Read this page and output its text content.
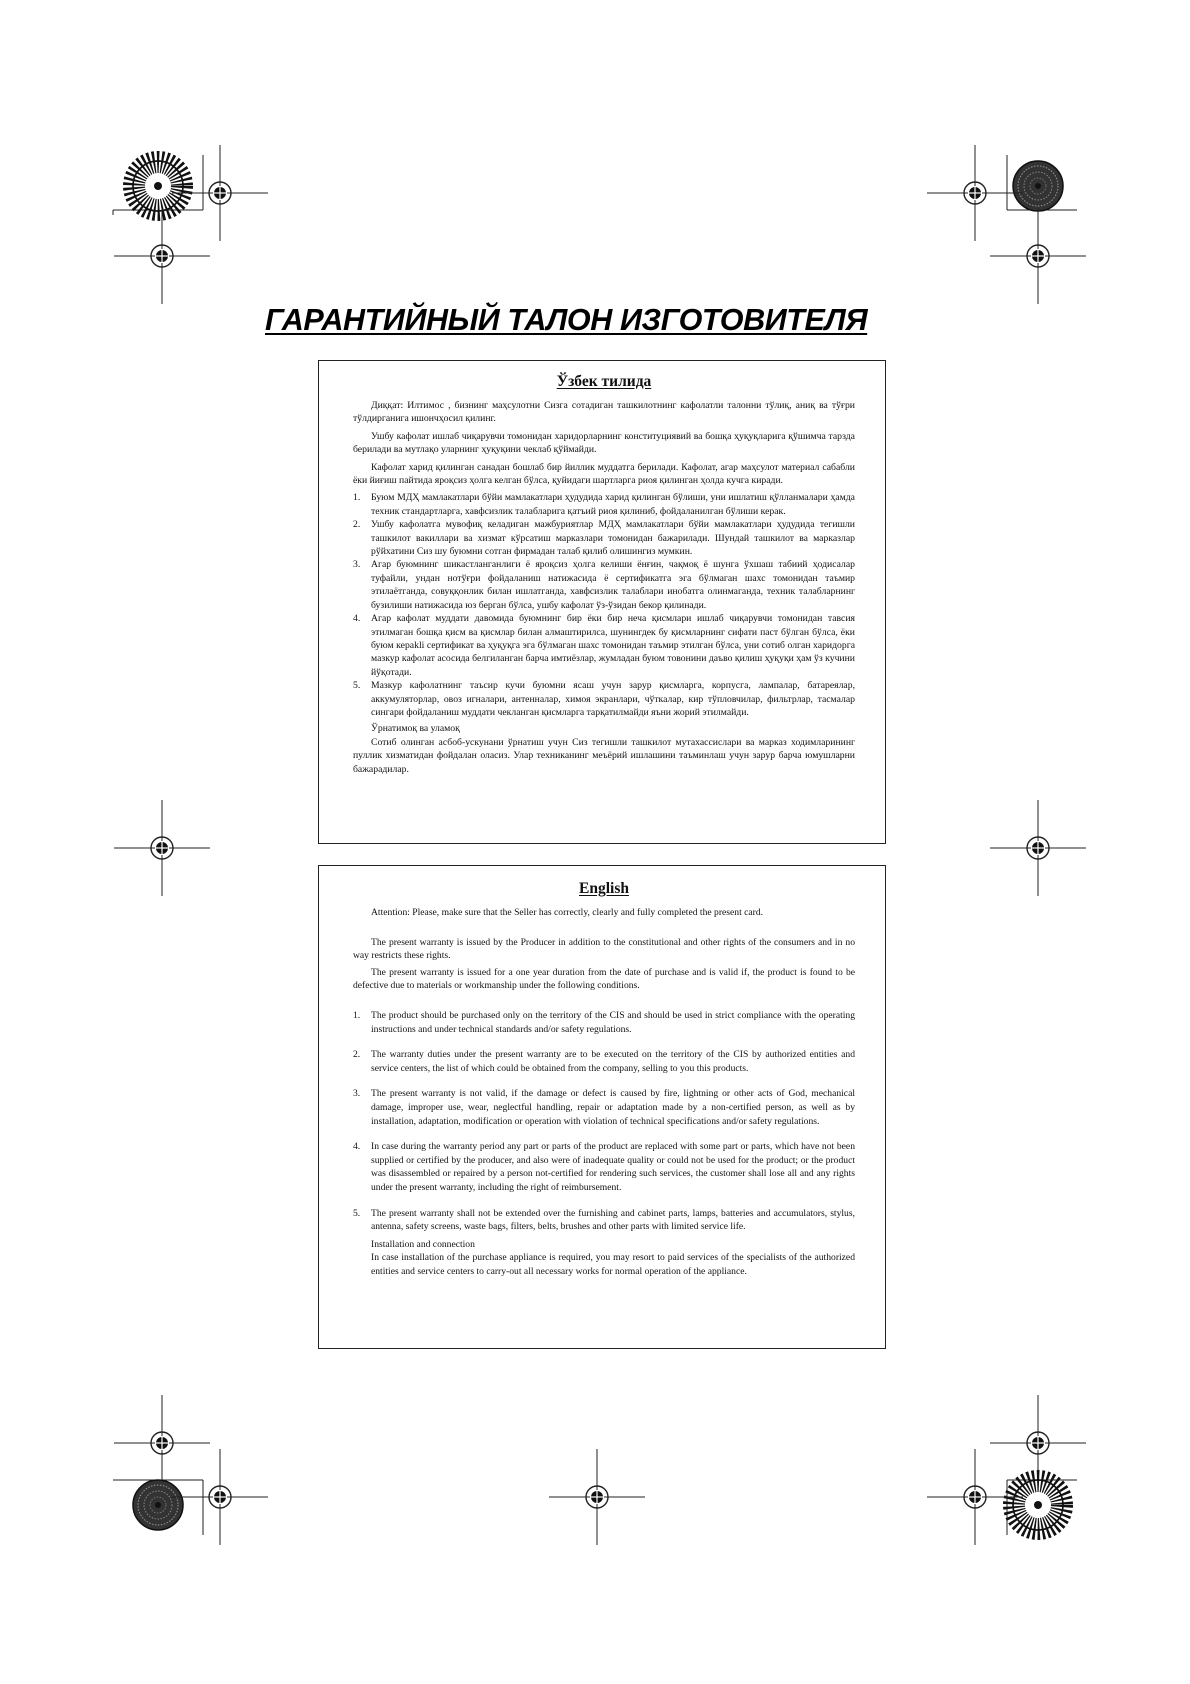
ГАРАНТИЙНЫЙ ТАЛОН ИЗГОТОВИТЕЛЯ
Ўзбек тилида

Диққат: Илтимос , бизнинг маҳсулотни Сизга сотадиган ташкилотнинг кафолатли талонни тўлиқ, аниқ ва тўғри тўлдирганига ишончҳосил қилинг.

Ушбу кафолат ишлаб чиқарувчи томонидан харидорларнинг конституциявий ва бошқа ҳуқуқларига қўшимча тарзда берилади ва мутлақо уларнинг ҳуқуқини чеклаб қўймайди.

Кафолат харид қилинган санадан бошлаб бир йиллик муддатга берилади. Кафолат, агар маҳсулот материал сабабли ёки йиғиш пайтида яроқсиз ҳолга келган бўлса, қуйидаги шартларга риоя қилинган ҳолда кучга киради.

1. Буюм МДҲ мамлакатлари бўйи мамлакатлари ҳудудида харид қилинган бўлиши, уни ишлатиш қўлланмалари ҳамда техник стандартларга, хавфсизлик талабларига қатъий риоя қилиниб, фойдаланилган бўлиши керак.
2. Ушбу кафолатга мувофиқ келадиган мажбуриятлар МДҲ мамлакатлари бўйи мамлакатлари ҳудудида тегишли ташкилот вакиллари ва хизмат кўрсатиш марказлари томонидан бажарилади. Шундай ташкилот ва марказлар рўйхатини Сиз шу буюмни сотган фирмадан талаб қилиб олишингиз мумкин.
3. Агар буюмнинг шикастланганлиги ё яроқсиз ҳолга келиши ёнғин, чақмоқ ё шунга ўхшаш табиий ҳодисалар туфайли, ундан нотўғри фойдаланиш натижасида ё сертификатга эга бўлмаган шахс томонидан таъмир этилаётганда, совуққонлик билан ишлатганда, хавфсизлик талаблари инобатга олинмаганда, техник талабларнинг бузилиши натижасида юз берган бўлса, ушбу кафолат ўз-ўзидан бекор қилинади.
4. Агар кафолат муддати давомида буюмнинг бир ёки бир неча қисмлари ишлаб чиқарувчи томонидан тавсия этилмаган бошқа қисм ва қисмлар билан алмаштирилса, шунингдек бу қисмларнинг сифати паст бўлган бўлса, ёки буюм кераkli сертификат ва ҳуқуқга эга бўлмаган шахс томонидан таъмир этилган бўлса, уни сотиб олган харидорга мазкур кафолат асосида белгиланган барча имтиёзлар, жумладан буюм товонини даъво қилиш ҳуқуқи ҳам ўз кучини йўқотади.
5. Мазкур кафолатнинг таъсир кучи буюмни ясаш учун зарур қисмларга, корпусга, лампалар, батареялар, аккумуляторлар, овоз игналари, антенналар, химоя экранлари, чўткалар, кир тўпловчилар, фильтрлар, тасмалар сингари фойдаланиш муддати чекланган қисмларга тарқатилмайди яъни жорий этилмайди.

Ўрнатимоқ ва уламоқ

Сотиб олинган асбоб-ускунани ўрнатиш учун Сиз тегишли ташкилот мутахассислари ва марказ ходимларининг пуллик хизматидан фойдалан оласиз. Улар техниканинг меъёрий ишлашини таъминлаш учун зарур барча юмушларни бажарадилар.

English

Attention: Please, make sure that the Seller has correctly, clearly and fully completed the present card.

The present warranty is issued by the Producer in addition to the constitutional and other rights of the consumers and in no way restricts these rights.

The present warranty is issued for a one year duration from the date of purchase and is valid if, the product is found to be defective due to materials or workmanship under the following conditions.

1. The product should be purchased only on the territory of the CIS and should be used in strict compliance with the operating instructions and under technical standards and/or safety regulations.
2. The warranty duties under the present warranty are to be executed on the territory of the CIS by authorized entities and service centers, the list of which could be obtained from the company, selling to you this products.
3. The present warranty is not valid, if the damage or defect is caused by fire, lightning or other acts of God, mechanical damage, improper use, wear, neglectful handling, repair or adaptation made by a non-certified person, as well as by installation, adaptation, modification or operation with violation of technical specifications and/or safety regulations.
4. In case during the warranty period any part or parts of the product are replaced with some part or parts, which have not been supplied or certified by the producer, and also were of inadequate quality or could not be used for the product; or the product was disassembled or repaired by a person not-certified for rendering such services, the customer shall lose all and any rights under the present warranty, including the right of reimbursement.
5. The present warranty shall not be extended over the furnishing and cabinet parts, lamps, batteries and accumulators, stylus, antenna, safety screens, waste bags, filters, belts, brushes and other parts with limited service life.

Installation and connection

In case installation of the purchase appliance is required, you may resort to paid services of the specialists of the authorized entities and service centers to carry-out all necessary works for normal operation of the appliance.
